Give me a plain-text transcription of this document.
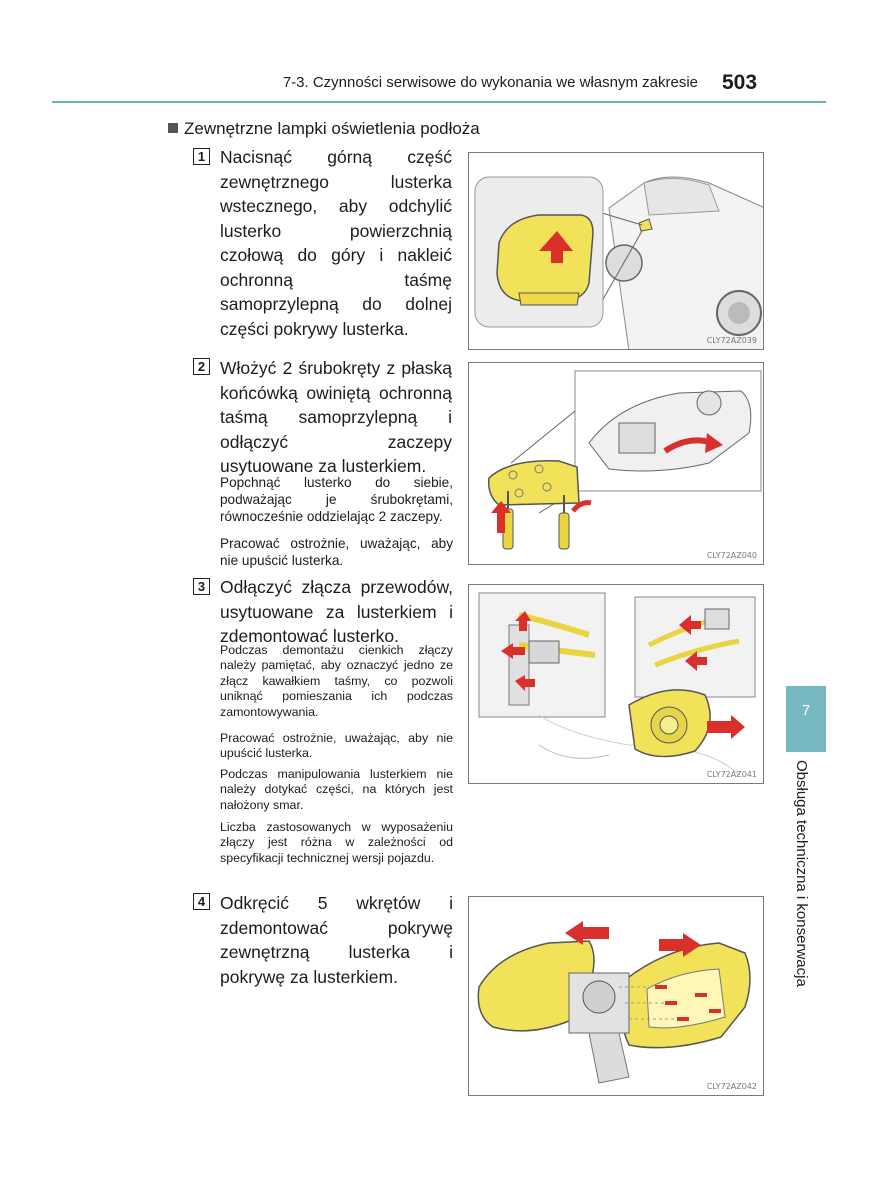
7-3. Czynności serwisowe do wykonania we własnym zakresie 503
Zewnętrzne lampki oświetlenia podłoża
1 Nacisnąć górną część zewnętrznego lusterka wstecznego, aby odchylić lusterko powierzchnią czołową do góry i nakleić ochronną taśmę samoprzylepną do dolnej części pokrywy lusterka.
CLY72AZ039
2 Włożyć 2 śrubokręty z płaską końcówką owiniętą ochronną taśmą samoprzylepną i odłączyć zaczepy usytuowane za lusterkiem.
Popchnąć lusterko do siebie, podważając je śrubokrętami, równocześnie oddzielając 2 zaczepy.
Pracować ostrożnie, uważając, aby nie upuścić lusterka.	CLY72AZ040
3 Odłączyć złącza przewodów, usytuowane za lusterkiem i zdemontować lusterko.
Podczas demontażu cienkich złączy należy pamiętać, aby oznaczyć jedno ze złącz kawałkiem taśmy, co pozwoli uniknąć pomieszania ich podczas zamontowywania.
Pracować ostrożnie, uważając, aby nie upuścić lusterka.
Podczas manipulowania lusterkiem nie należy dotykać części, na których jest nałożony smar.
Liczba zastosowanych w wyposażeniu złączy jest różna w zależności od specyfikacji technicznej wersji pojazdu.
CLY72AZ041
4 Odkręcić 5 wkrętów i zdemontować pokrywę zewnętrzną lusterka i pokrywę za lusterkiem.
CLY72AZ042
7
Obsługa techniczna i konserwacja
